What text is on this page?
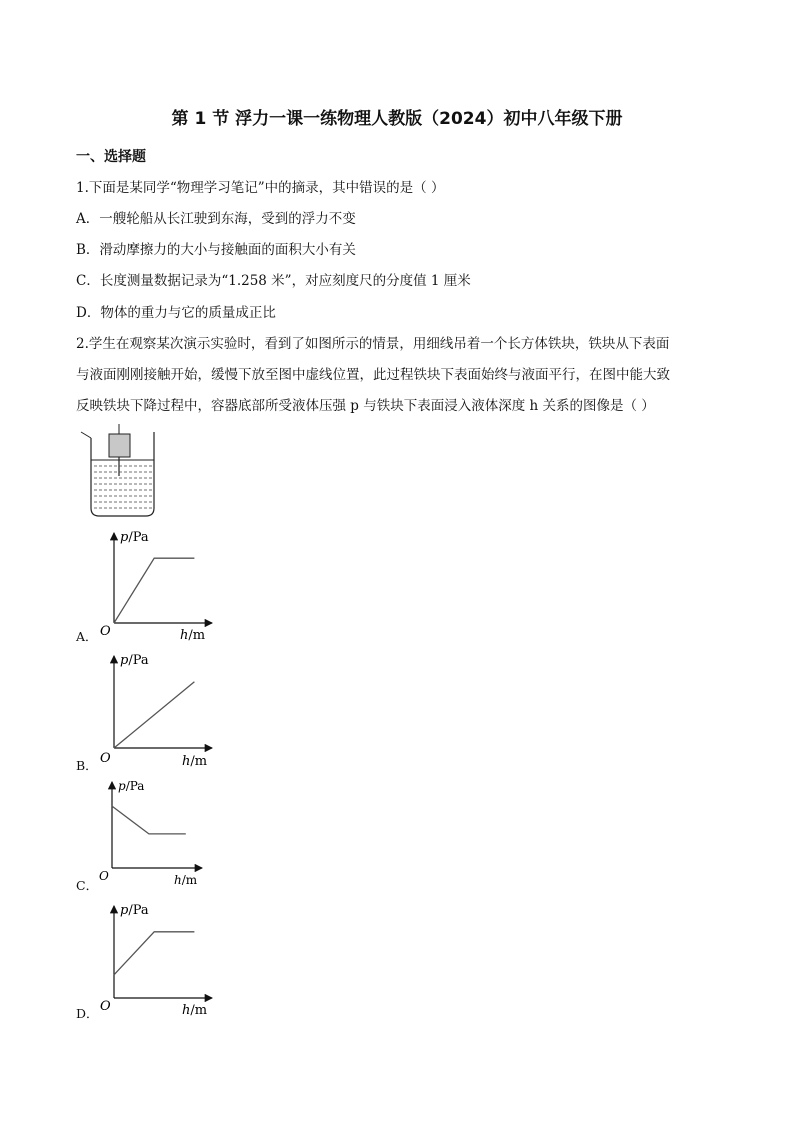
第 1 节 浮力一课一练物理人教版（2024）初中八年级下册
一、选择题
1.下面是某同学“物理学习笔记”中的摘录，其中错误的是（ ）
A．一艘轮船从长江驶到东海，受到的浮力不变
B．滑动摩擦力的大小与接触面的面积大小有关
C．长度测量数据记录为“1.258 米”，对应刻度尺的分度值 1 厘米
D．物体的重力与它的质量成正比
2.学生在观察某次演示实验时，看到了如图所示的情景，用细线吊着一个长方体铁块，铁块从下表面
与液面刚刚接触开始，缓慢下放至图中虚线位置，此过程铁块下表面始终与液面平行，在图中能大致
反映铁块下降过程中，容器底部所受液体压强 p 与铁块下表面浸入液体深度 h 关系的图像是（ ）
A．
p/Pa
h/m
O
B．
p/Pa
h/m
O
C．
p/Pa
h/m
O
D．
p/Pa
h/m
O
